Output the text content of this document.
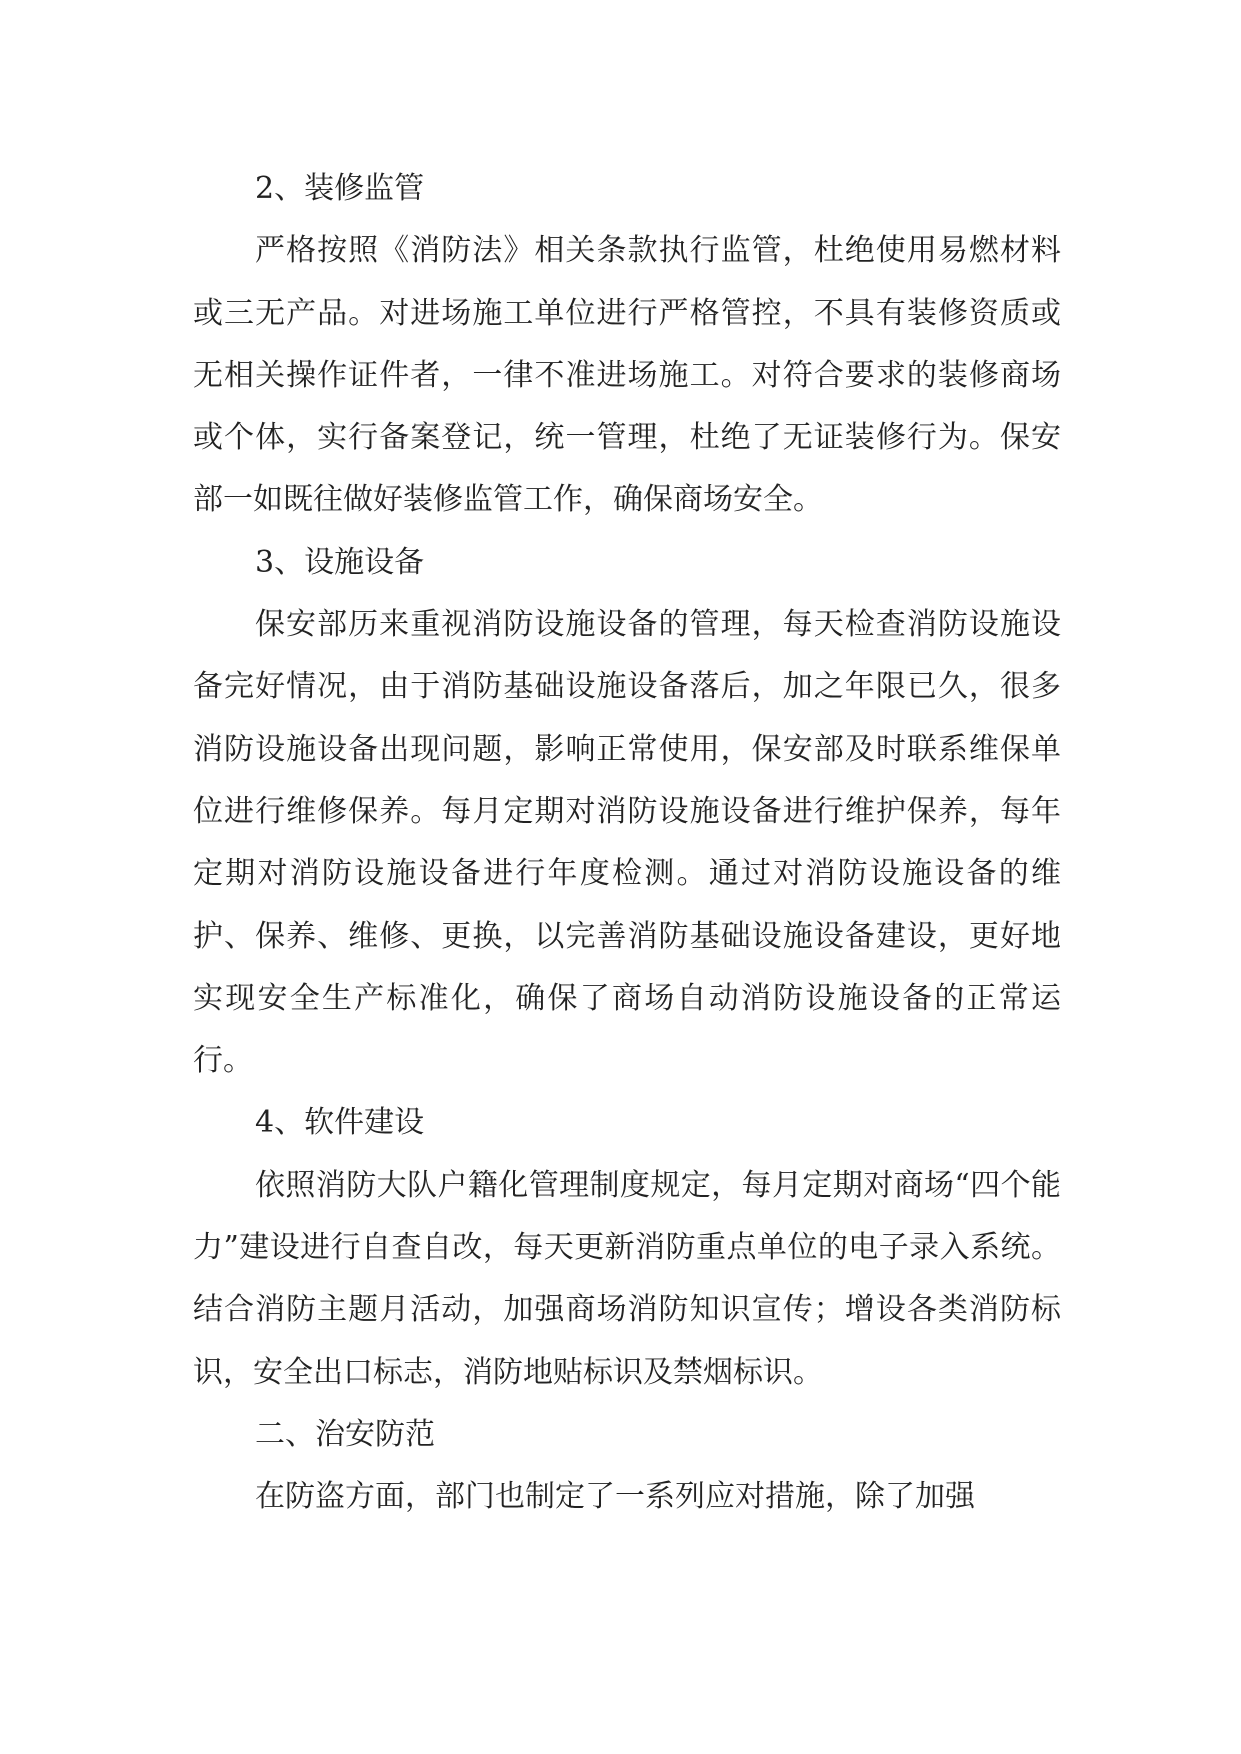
2、装修监管

严格按照《消防法》相关条款执行监管，杜绝使用易燃材料或三无产品。对进场施工单位进行严格管控，不具有装修资质或无相关操作证件者，一律不准进场施工。对符合要求的装修商场或个体，实行备案登记，统一管理，杜绝了无证装修行为。保安部一如既往做好装修监管工作，确保商场安全。

3、设施设备

保安部历来重视消防设施设备的管理，每天检查消防设施设备完好情况，由于消防基础设施设备落后，加之年限已久，很多消防设施设备出现问题，影响正常使用，保安部及时联系维保单位进行维修保养。每月定期对消防设施设备进行维护保养，每年定期对消防设施设备进行年度检测。通过对消防设施设备的维护、保养、维修、更换，以完善消防基础设施设备建设，更好地实现安全生产标准化，确保了商场自动消防设施设备的正常运行。

4、软件建设

依照消防大队户籍化管理制度规定，每月定期对商场“四个能力”建设进行自查自改，每天更新消防重点单位的电子录入系统。结合消防主题月活动，加强商场消防知识宣传；增设各类消防标识，安全出口标志，消防地贴标识及禁烟标识。

二、治安防范

在防盗方面，部门也制定了一系列应对措施，除了加强
